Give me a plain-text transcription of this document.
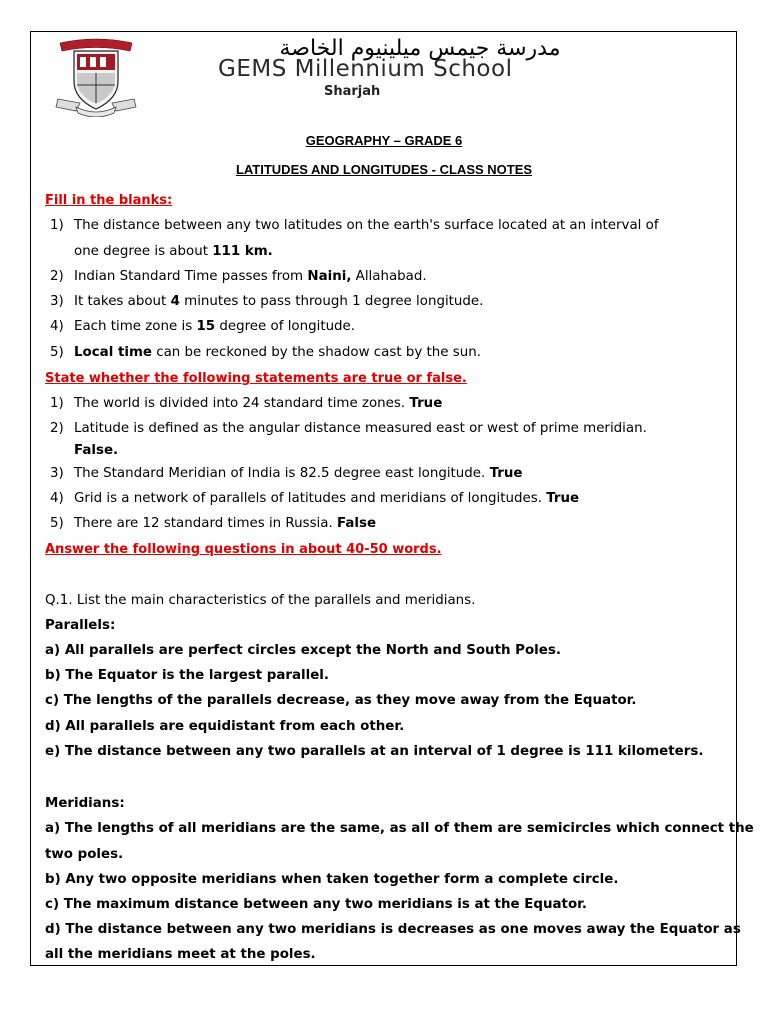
مدرسة جيمس ميلينيوم الخاصة
GEMS Millennium School
Sharjah
GEOGRAPHY – GRADE 6
LATITUDES AND LONGITUDES - CLASS NOTES
Fill in the blanks:
1) The distance between any two latitudes on the earth's surface located at an interval of
one degree is about 111 km.
2) Indian Standard Time passes from Naini, Allahabad.
3) It takes about 4 minutes to pass through 1 degree longitude.
4) Each time zone is 15 degree of longitude.
5) Local time can be reckoned by the shadow cast by the sun.
State whether the following statements are true or false.
1) The world is divided into 24 standard time zones. True
2) Latitude is defined as the angular distance measured east or west of prime meridian.
False.
3) The Standard Meridian of India is 82.5 degree east longitude. True
4) Grid is a network of parallels of latitudes and meridians of longitudes. True
5) There are 12 standard times in Russia. False
Answer the following questions in about 40-50 words.
Q.1. List the main characteristics of the parallels and meridians.
Parallels:
a) All parallels are perfect circles except the North and South Poles.
b) The Equator is the largest parallel.
c) The lengths of the parallels decrease, as they move away from the Equator.
d) All parallels are equidistant from each other.
e) The distance between any two parallels at an interval of 1 degree is 111 kilometers.
Meridians:
a) The lengths of all meridians are the same, as all of them are semicircles which connect the
two poles.
b) Any two opposite meridians when taken together form a complete circle.
c) The maximum distance between any two meridians is at the Equator.
d) The distance between any two meridians is decreases as one moves away the Equator as
all the meridians meet at the poles.
